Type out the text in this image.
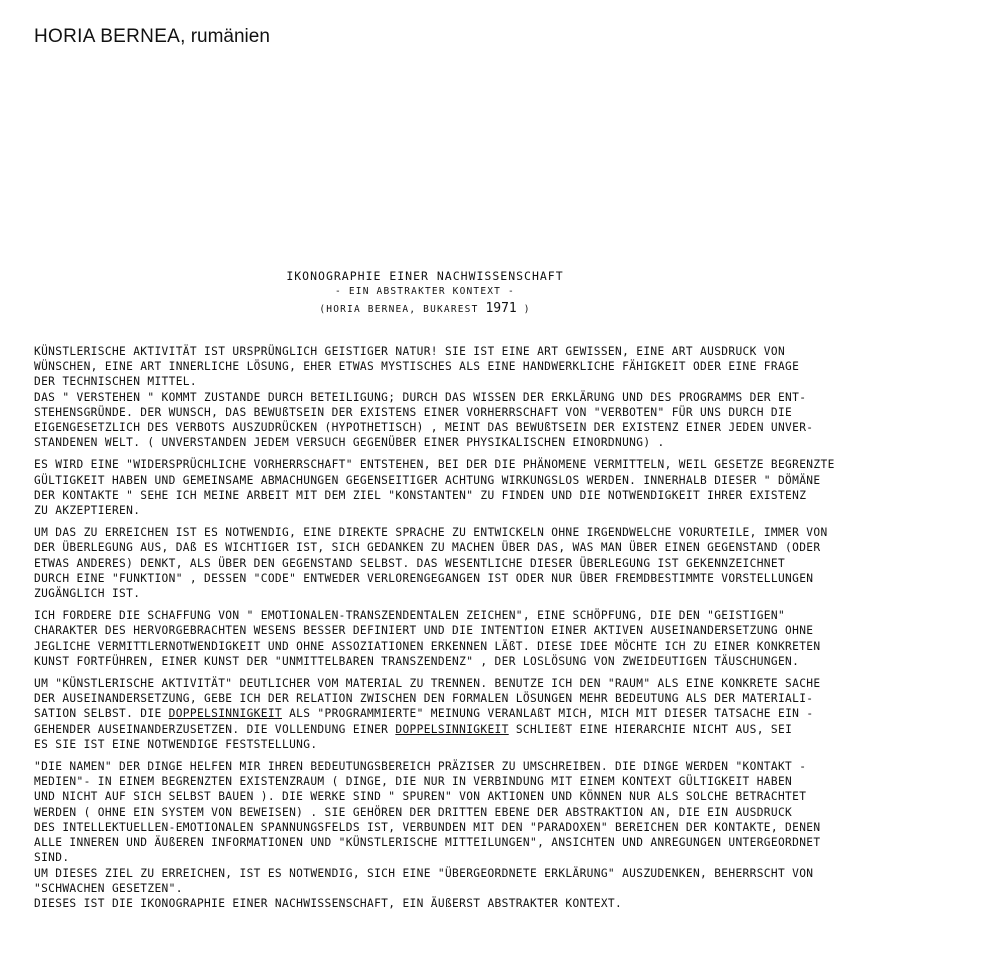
HORIA BERNEA, rumänien
IKONOGRAPHIE EINER NACHWISSENSCHAFT
- EIN ABSTRAKTER KONTEXT -
(HORIA BERNEA, BUKAREST 1971 )
KÜNSTLERISCHE AKTIVITÄT IST URSPRÜNGLICH GEISTIGER NATUR! SIE IST EINE ART GEWISSEN, EINE ART AUSDRUCK VON
WÜNSCHEN, EINE ART INNERLICHE LÖSUNG, EHER ETWAS MYSTISCHES ALS EINE HANDWERKLICHE FÄHIGKEIT ODER EINE FRAGE
DER TECHNISCHEN MITTEL.
DAS " VERSTEHEN " KOMMT ZUSTANDE DURCH BETEILIGUNG; DURCH DAS WISSEN DER ERKLÄRUNG UND DES PROGRAMMS DER ENT-
STEHENSGRÜNDE. DER WUNSCH, DAS BEWUßTSEIN DER EXISTENS EINER VORHERRSCHAFT VON "VERBOTEN" FÜR UNS DURCH DIE
EIGENGESETZLICH DES VERBOTS AUSZUDRÜCKEN (HYPOTHETISCH) , MEINT DAS BEWUßTSEIN DER EXISTENZ EINER JEDEN UNVER-
STANDENEN WELT. ( UNVERSTANDEN JEDEM VERSUCH GEGENÜBER EINER PHYSIKALISCHEN EINORDNUNG) .
ES WIRD EINE "WIDERSPRÜCHLICHE VORHERRSCHAFT" ENTSTEHEN, BEI DER DIE PHÄNOMENE VERMITTELN, WEIL GESETZE BEGRENZTE
GÜLTIGKEIT HABEN UND GEMEINSAME ABMACHUNGEN GEGENSEITIGER ACHTUNG WIRKUNGSLOS WERDEN. INNERHALB DIESER " DÖMÄNE
DER KONTAKTE " SEHE ICH MEINE ARBEIT MIT DEM ZIEL "KONSTANTEN" ZU FINDEN UND DIE NOTWENDIGKEIT IHRER EXISTENZ
ZU AKZEPTIEREN.
UM DAS ZU ERREICHEN IST ES NOTWENDIG, EINE DIREKTE SPRACHE ZU ENTWICKELN OHNE IRGENDWELCHE VORURTEILE, IMMER VON
DER ÜBERLEGUNG AUS, DAß ES WICHTIGER IST, SICH GEDANKEN ZU MACHEN ÜBER DAS, WAS MAN ÜBER EINEN GEGENSTAND (ODER
ETWAS ANDERES) DENKT, ALS ÜBER DEN GEGENSTAND SELBST. DAS WESENTLICHE DIESER ÜBERLEGUNG IST GEKENNZEICHNET
DURCH EINE "FUNKTION" , DESSEN "CODE" ENTWEDER VERLORENGEGANGEN IST ODER NUR ÜBER FREMDBESTIMMTE VORSTELLUNGEN
ZUGÄNGLICH IST.
ICH FORDERE DIE SCHAFFUNG VON " EMOTIONALEN-TRANSZENDENTALEN ZEICHEN", EINE SCHÖPFUNG, DIE DEN "GEISTIGEN"
CHARAKTER DES HERVORGEBRACHTEN WESENS BESSER DEFINIERT UND DIE INTENTION EINER AKTIVEN AUSEINANDERSETZUNG OHNE
JEGLICHE VERMITTLERNOTWENDIGKEIT UND OHNE ASSOZIATIONEN ERKENNEN LÄßT. DIESE IDEE MÖCHTE ICH ZU EINER KONKRETEN
KUNST FORTFÜHREN, EINER KUNST DER "UNMITTELBAREN TRANSZENDENZ" , DER LOSLÖSUNG VON ZWEIDEUTIGEN TÄUSCHUNGEN.
UM "KÜNSTLERISCHE AKTIVITÄT" DEUTLICHER VOM MATERIAL ZU TRENNEN. BENUTZE ICH DEN "RAUM" ALS EINE KONKRETE SACHE
DER AUSEINANDERSETZUNG, GEBE ICH DER RELATION ZWISCHEN DEN FORMALEN LÖSUNGEN MEHR BEDEUTUNG ALS DER MATERIALI-
SATION SELBST. DIE DOPPELSINNIGKEIT ALS "PROGRAMMIERTE" MEINUNG VERANLAßT MICH, MICH MIT DIESER TATSACHE EIN -
GEHENDER AUSEINANDERZUSETZEN. DIE VOLLENDUNG EINER DOPPELSINNIGKEIT SCHLIEßT EINE HIERARCHIE NICHT AUS, SEI
ES SIE IST EINE NOTWENDIGE FESTSTELLUNG.
"DIE NAMEN" DER DINGE HELFEN MIR IHREN BEDEUTUNGSBEREICH PRÄZISER ZU UMSCHREIBEN. DIE DINGE WERDEN "KONTAKT -
MEDIEN"- IN EINEM BEGRENZTEN EXISTENZRAUM ( DINGE, DIE NUR IN VERBINDUNG MIT EINEM KONTEXT GÜLTIGKEIT HABEN
UND NICHT AUF SICH SELBST BAUEN ). DIE WERKE SIND " SPUREN" VON AKTIONEN UND KÖNNEN NUR ALS SOLCHE BETRACHTET
WERDEN ( OHNE EIN SYSTEM VON BEWEISEN) . SIE GEHÖREN DER DRITTEN EBENE DER ABSTRAKTION AN, DIE EIN AUSDRUCK
DES INTELLEKTUELLEN-EMOTIONALEN SPANNUNGSFELDS IST, VERBUNDEN MIT DEN "PARADOXEN" BEREICHEN DER KONTAKTE, DENEN
ALLE INNEREN UND ÄUßEREN INFORMATIONEN UND "KÜNSTLERISCHE MITTEILUNGEN", ANSICHTEN UND ANREGUNGEN UNTERGEORDNET
SIND.
UM DIESES ZIEL ZU ERREICHEN, IST ES NOTWENDIG, SICH EINE "ÜBERGEORDNETE ERKLÄRUNG" AUSZUDENKEN, BEHERRSCHT VON
"SCHWACHEN GESETZEN".
DIESES IST DIE IKONOGRAPHIE EINER NACHWISSENSCHAFT, EIN ÄUßERST ABSTRAKTER KONTEXT.
